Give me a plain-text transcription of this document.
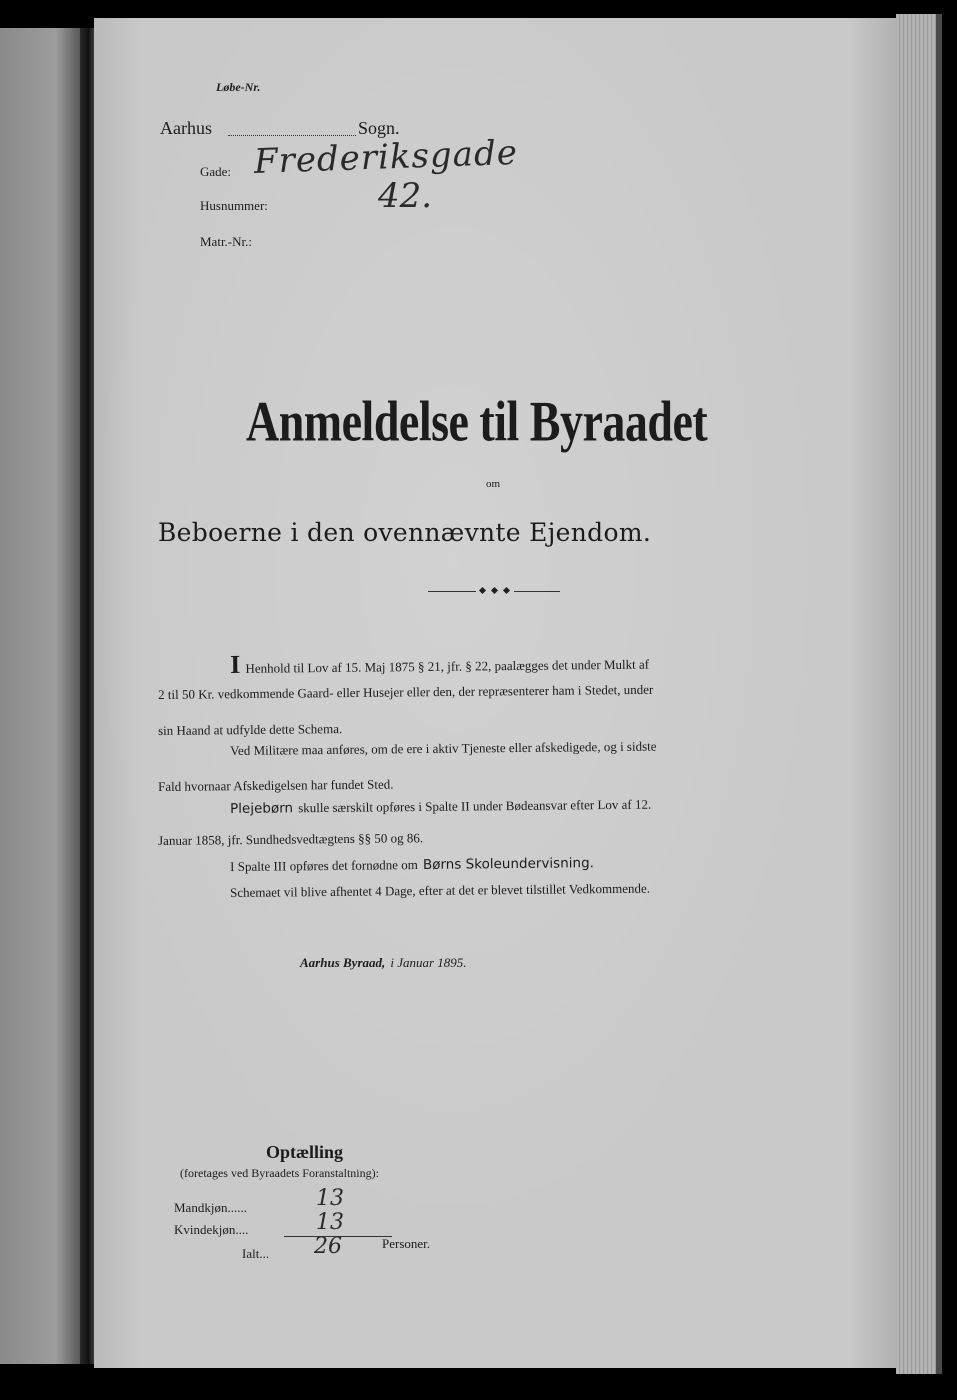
Løbe-Nr.
Aarhus	Sogn.
Gade: Frederiksgade
Husnummer:	42.
Matr.-Nr.:
Anmeldelse til Byraadet
om
Beboerne i den ovennævnte Ejendom.
I Henhold til Lov af 15. Maj 1875 § 21, jfr. § 22, paalægges det under Mulkt af
2 til 50 Kr. vedkommende Gaard- eller Husejer eller den, der repræsenterer ham i Stedet, under
sin Haand at udfylde dette Schema.
Ved Militære maa anføres, om de ere i aktiv Tjeneste eller afskedigede, og i sidste
Fald hvornaar Afskedigelsen har fundet Sted.
Plejebørn skulle særskilt opføres i Spalte II under Bødeansvar efter Lov af 12.
Januar 1858, jfr. Sundhedsvedtægtens §§ 50 og 86.
I Spalte III opføres det fornødne om Børns Skoleundervisning.
Schemaet vil blive afhentet 4 Dage, efter at det er blevet tilstillet Vedkommende.
Aarhus Byraad, i Januar 1895.
Optælling
(foretages ved Byraadets Foranstaltning):
Mandkjøn......	13
Kvindekjøn....	13
Ialt... 26	Personer.
